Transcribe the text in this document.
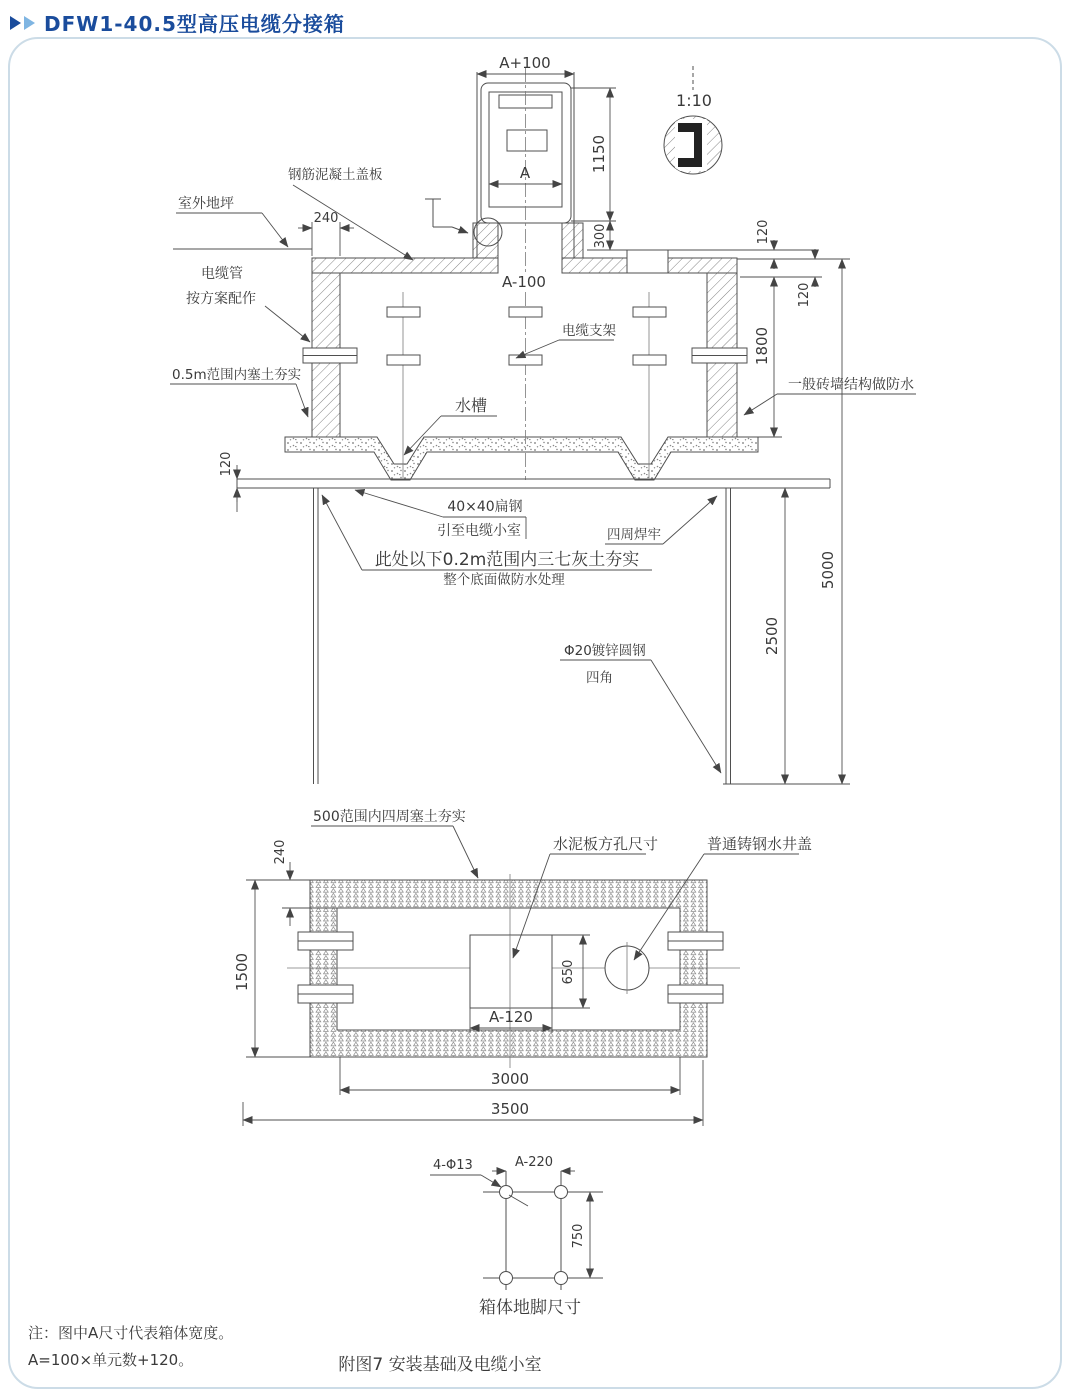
DFW1-40.5型高压电缆分接箱
A+100
A	1150
300
1:10
240
A-100
120
120
1800
5000
2500
120
钢筋泥凝土盖板
室外地坪
电缆管
按方案配作
0.5m范围内塞土夯实
水槽
电缆支架
一般砖墙结构做防水
40×40扁钢
引至电缆小室	四周焊牢
此处以下0.2m范围内三七灰土夯实
整个底面做防水处理
Φ20镀锌圆钢
四角
500范围内四周塞土夯实
水泥板方孔尺寸	普通铸钢水井盖
240
1500	650
A-120
3000
3500
A-220
4-Φ13
750
箱体地脚尺寸
注：图中A尺寸代表箱体宽度。
A=100×单元数+120。	附图7 安装基础及电缆小室
